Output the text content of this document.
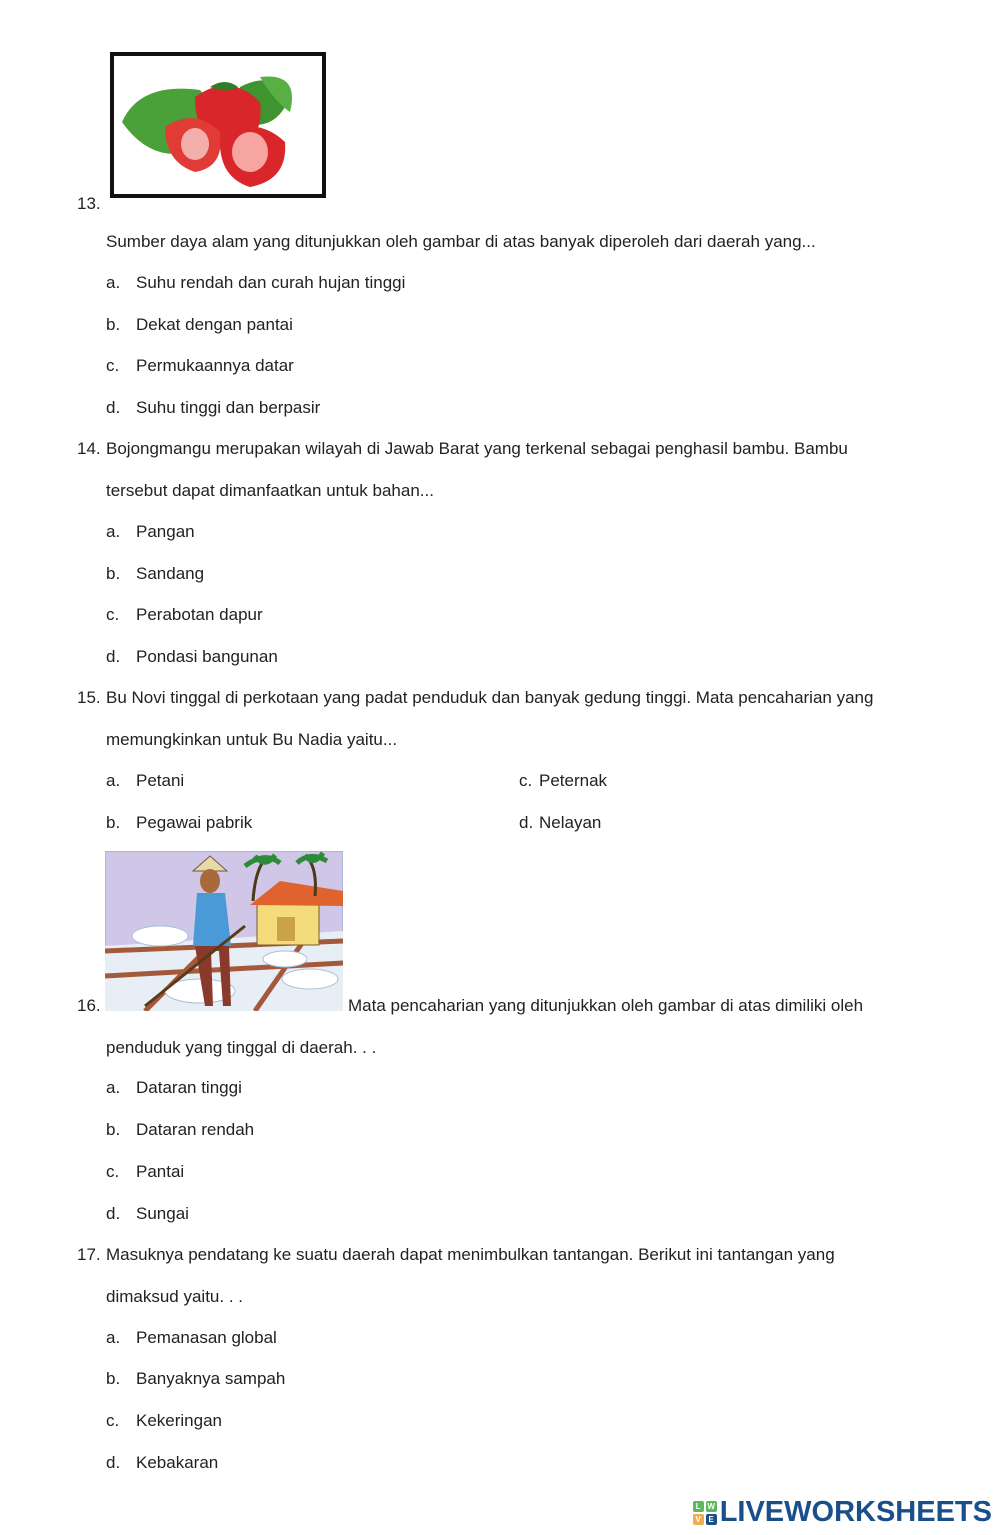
13.
Sumber daya alam yang ditunjukkan oleh gambar di atas banyak diperoleh dari daerah yang...
a. Suhu rendah dan curah hujan tinggi
b. Dekat dengan pantai
c. Permukaannya datar
d. Suhu tinggi dan berpasir
14. Bojongmangu merupakan wilayah di Jawab Barat yang terkenal sebagai penghasil bambu. Bambu
tersebut dapat dimanfaatkan untuk bahan...
a. Pangan
b. Sandang
c. Perabotan dapur
d. Pondasi bangunan
15. Bu Novi tinggal di perkotaan yang padat penduduk dan banyak gedung tinggi. Mata pencaharian yang
memungkinkan untuk Bu Nadia yaitu...
a. Petani
b. Pegawai pabrik
c. Peternak
d. Nelayan
16.	Mata pencaharian yang ditunjukkan oleh gambar di atas dimiliki oleh
penduduk yang tinggal di daerah. . .
a. Dataran tinggi
b. Dataran rendah
c. Pantai
d. Sungai
17. Masuknya pendatang ke suatu daerah dapat menimbulkan tantangan. Berikut ini tantangan yang
dimaksud yaitu. . .
a. Pemanasan global
b. Banyaknya sampah
c. Kekeringan
d. Kebakaran
L W
V E LIVEWORKSHEETS
